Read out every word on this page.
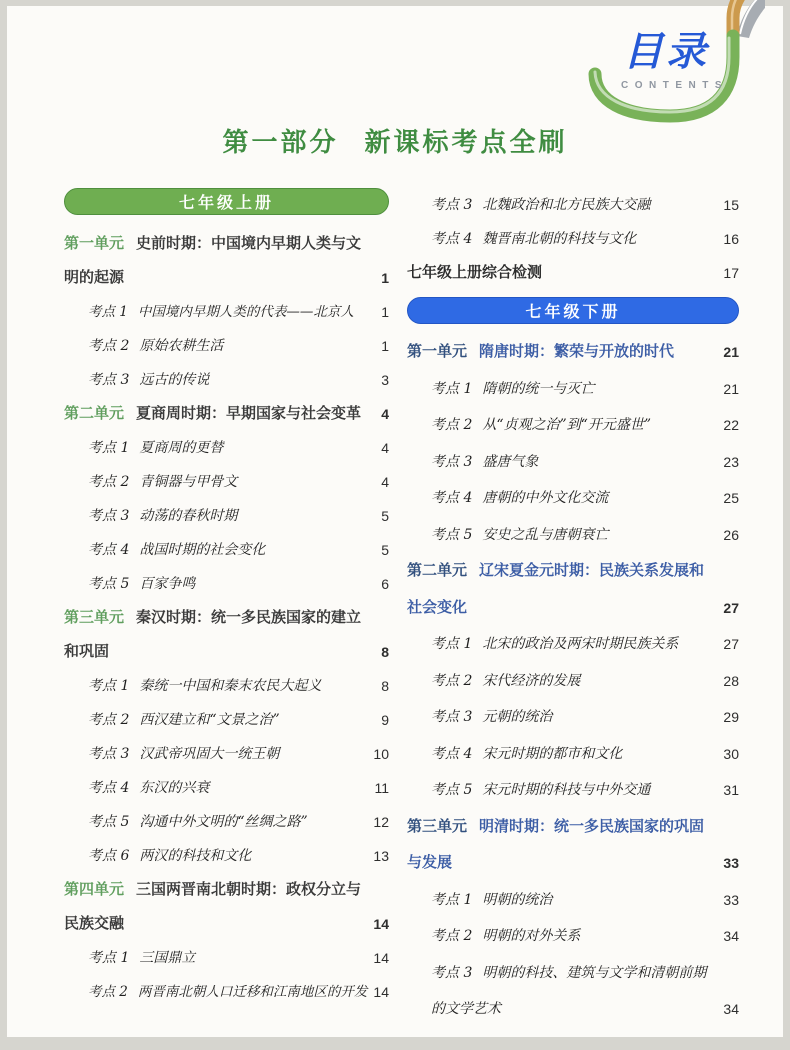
第一部分 新课标考点全刷
七年级上册
第一单元 史前时期：中国境内早期人类与文明的起源	1
考点 1 中国境内早期人类的代表——北京人	1
考点 2 原始农耕生活	1
考点 3 远古的传说	3
第二单元 夏商周时期：早期国家与社会变革	4
考点 1 夏商周的更替	4
考点 2 青铜器与甲骨文	4
考点 3 动荡的春秋时期	5
考点 4 战国时期的社会变化	5
考点 5 百家争鸣	6
第三单元 秦汉时期：统一多民族国家的建立和巩固	8
考点 1 秦统一中国和秦末农民大起义	8
考点 2 西汉建立和“文景之治”	9
考点 3 汉武帝巩固大一统王朝	10
考点 4 东汉的兴衰	11
考点 5 沟通中外文明的“丝绸之路”	12
考点 6 两汉的科技和文化	13
第四单元 三国两晋南北朝时期：政权分立与民族交融	14
考点 1 三国鼎立	14
考点 2 两晋南北朝人口迁移和江南地区的开发 14
考点 3 北魏政治和北方民族大交融	15
考点 4 魏晋南北朝的科技与文化	16
七年级上册综合检测	17
七年级下册
第一单元 隋唐时期：繁荣与开放的时代	21
考点 1 隋朝的统一与灭亡	21
考点 2 从“贞观之治”到“开元盛世”	22
考点 3 盛唐气象	23
考点 4 唐朝的中外文化交流	25
考点 5 安史之乱与唐朝衰亡	26
第二单元 辽宋夏金元时期：民族关系发展和社会变化	27
考点 1 北宋的政治及两宋时期民族关系	27
考点 2 宋代经济的发展	28
考点 3 元朝的统治	29
考点 4 宋元时期的都市和文化	30
考点 5 宋元时期的科技与中外交通	31
第三单元 明清时期：统一多民族国家的巩固与发展	33
考点 1 明朝的统治	33
考点 2 明朝的对外关系	34
考点 3 明朝的科技、建筑与文学和清朝前期的文学艺术	34
目录
CONTENTS
